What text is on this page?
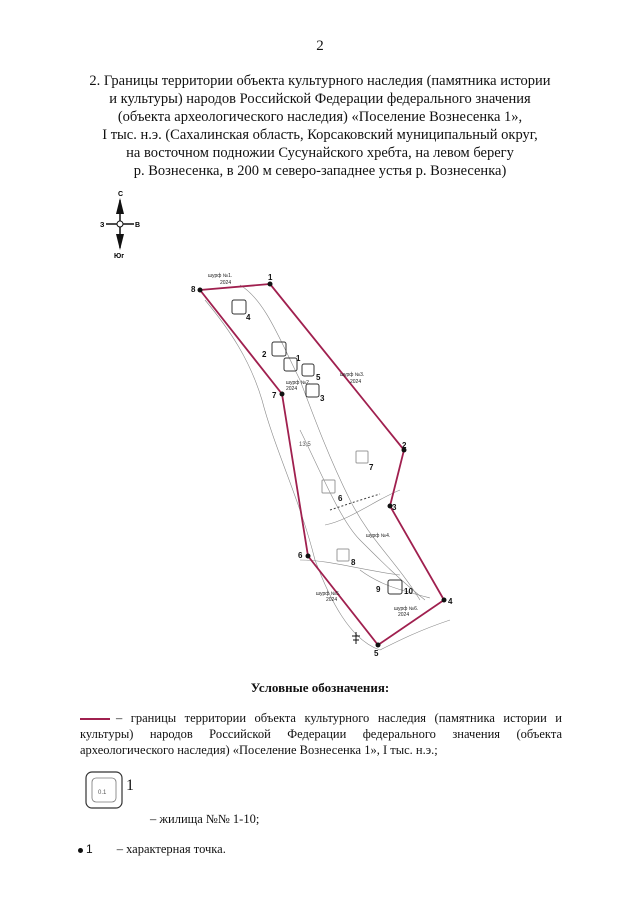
2
2. Границы территории объекта культурного наследия (памятника истории
и культуры) народов Российской Федерации федерального значения
(объекта археологического наследия) «Поселение Вознесенка 1»,
I тыс. н.э. (Сахалинская область, Корсаковский муниципальный округ,
на восточном подножии Сусунайского хребта, на левом берегу
р. Вознесенка, в 200 м северо-западнее устья р. Вознесенка)
С
Юг
З	В
13,5
1
2
3
4
5
6
7
8
1
2
3
4
5
6
7
8
9	10
шурф №1.
2024
шурф №2.
2024
шурф №3.
2024
шурф №4.
шурф №5.
2024
шурф №6.
2024
Условные обозначения:
– границы территории объекта культурного наследия (памятника истории и культуры) народов Российской Федерации федерального значения (объекта археологического наследия) «Поселение Вознесенка 1», I тыс. н.э.;
0.1 1
– жилища №№ 1-10;
1 – характерная точка.
